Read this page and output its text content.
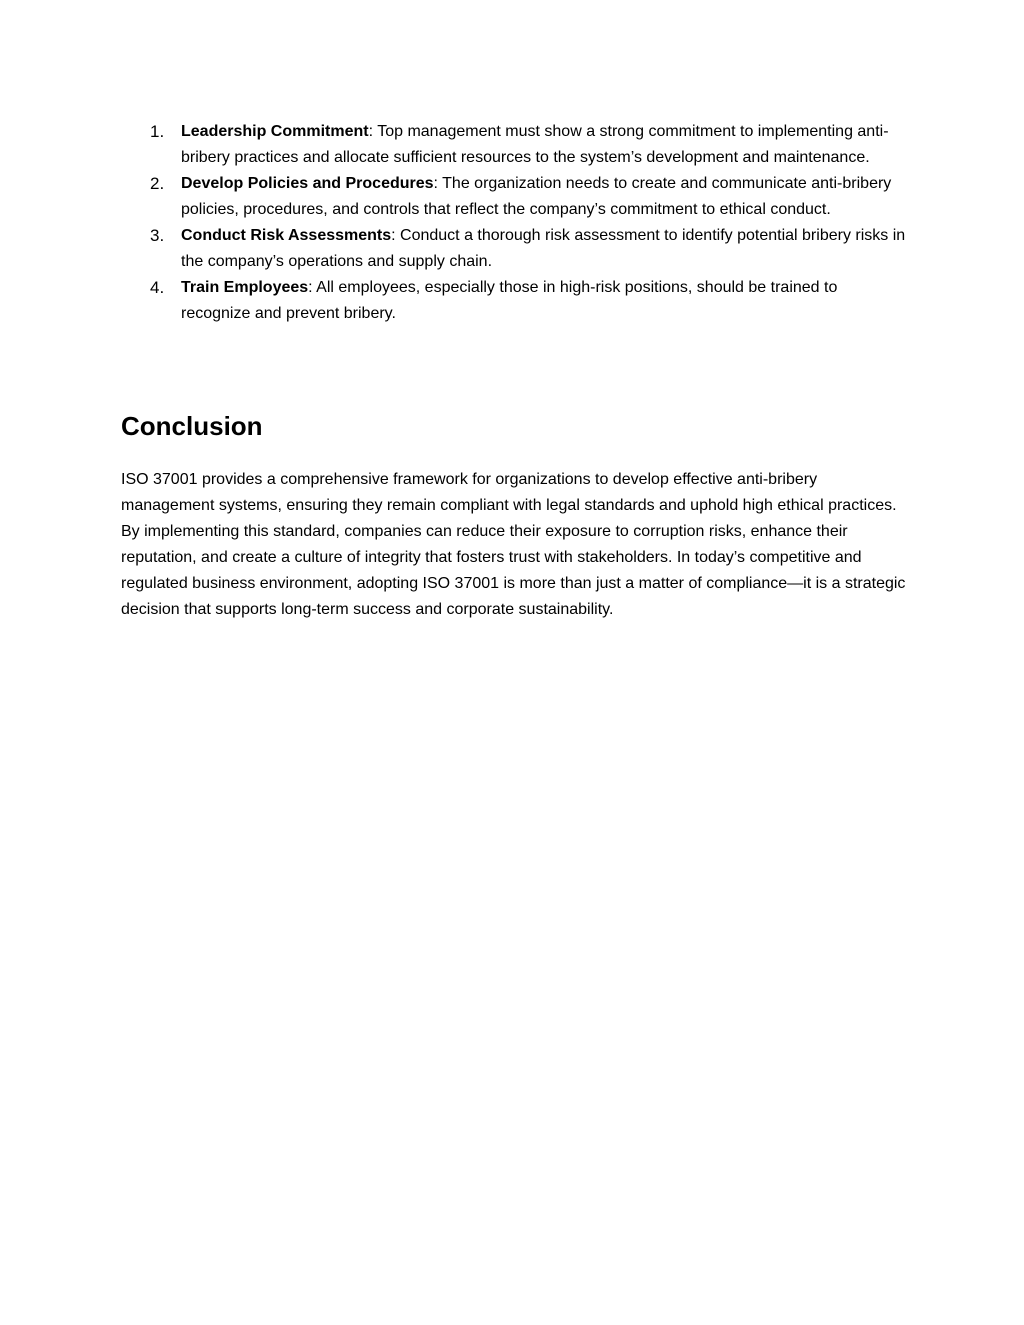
1. Leadership Commitment: Top management must show a strong commitment to implementing anti-bribery practices and allocate sufficient resources to the system’s development and maintenance.
2. Develop Policies and Procedures: The organization needs to create and communicate anti-bribery policies, procedures, and controls that reflect the company’s commitment to ethical conduct.
3. Conduct Risk Assessments: Conduct a thorough risk assessment to identify potential bribery risks in the company’s operations and supply chain.
4. Train Employees: All employees, especially those in high-risk positions, should be trained to recognize and prevent bribery.
Conclusion

ISO 37001 provides a comprehensive framework for organizations to develop effective anti-bribery management systems, ensuring they remain compliant with legal standards and uphold high ethical practices. By implementing this standard, companies can reduce their exposure to corruption risks, enhance their reputation, and create a culture of integrity that fosters trust with stakeholders. In today’s competitive and regulated business environment, adopting ISO 37001 is more than just a matter of compliance—it is a strategic decision that supports long-term success and corporate sustainability.
